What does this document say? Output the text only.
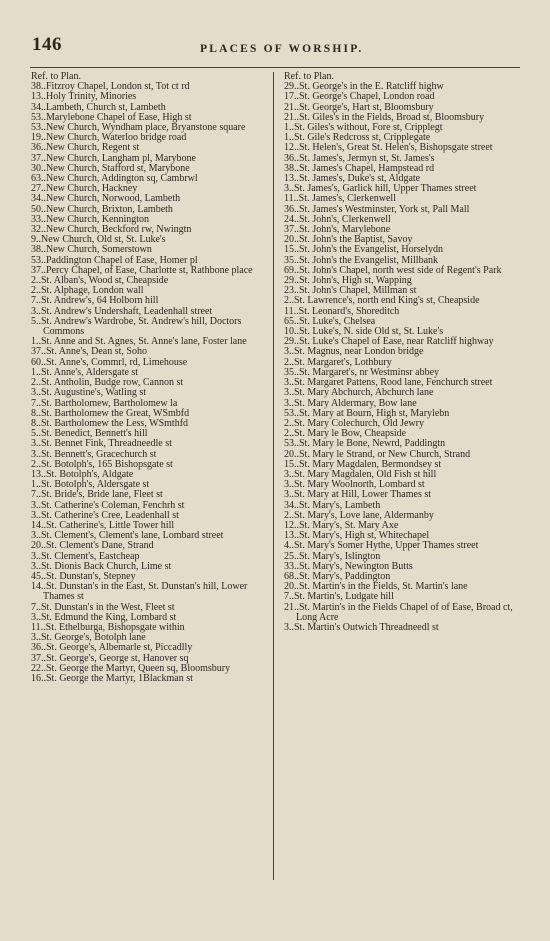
146	PLACES OF WORSHIP.
Ref. to Plan.
38..Fitzroy Chapel, London st, Tot ct rd
13..Holy Trinity, Minories
34..Lambeth, Church st, Lambeth
53..Marylebone Chapel of Ease, High st
53..New Church, Wyndham place, Bryanstone square
19..New Church, Waterloo bridge road
36..New Church, Regent st
37..New Church, Langham pl, Marybone
30..New Church, Stafford st, Marybone
63..New Church, Addington sq, Cambrwl
27..New Church, Hackney
34..New Church, Norwood, Lambeth
50..New Church, Brixton, Lambeth
33..New Church, Kennington
32..New Church, Beckford rw, Nwingtn
9..New Church, Old st, St. Luke's
38..New Church, Somerstown
53..Paddington Chapel of Ease, Homer pl
37..Percy Chapel, of Ease, Charlotte st, Rathbone place
2..St. Alban's, Wood st, Cheapside
2..St. Alphage, London wall
7..St. Andrew's, 64 Holborn hill
3..St. Andrew's Undershaft, Leadenhall street
5..St. Andrew's Wardrobe, St. Andrew's hill, Doctors Commons
1..St. Anne and St. Agnes, St. Anne's lane, Foster lane
37..St. Anne's, Dean st, Soho
60..St. Anne's, Commrl, rd, Limehouse
1..St. Anne's, Aldersgate st
2..St. Antholin, Budge row, Cannon st
3..St. Augustine's, Watling st
7..St. Bartholomew, Bartholomew la
8..St. Bartholomew the Great, WSmbfd
8..St. Bartholomew the Less, WSmthfd
5..St. Benedict, Bennett's hill
3..St. Bennet Fink, Threadneedle st
3..St. Bennett's, Gracechurch st
2..St. Botolph's, 165 Bishopsgate st
13..St. Botolph's, Aldgate
1..St. Botolph's, Aldersgate st
7..St. Bride's, Bride lane, Fleet st
3..St. Catherine's Coleman, Fenchrh st
3..St. Catherine's Cree, Leadenhall st
14..St. Catherine's, Little Tower hill
3..St. Clement's, Clement's lane, Lombard street
20..St. Clement's Dane, Strand
3..St. Clement's, Eastcheap
3..St. Dionis Back Church, Lime st
45..St. Dunstan's, Stepney
14..St. Dunstan's in the East, St. Dunstan's hill, Lower Thames st
7..St. Dunstan's in the West, Fleet st
3..St. Edmund the King, Lombard st
11..St. Ethelburga, Bishopsgate within
3..St. George's, Botolph lane
36..St. George's, Albemarle st, Piccadlly
37..St. George's, George st, Hanover sq
22..St. George the Martyr, Queen sq, Bloomsbury
16..St. George the Martyr, 1Blackman st
Ref. to Plan.
29..St. George's in the E. Ratcliff highw
17..St. George's Chapel, London road
21..St. George's, Hart st, Bloomsbury
21..St. Giles's in the Fields, Broad st, Bloomsbury
1..St. Giles's without, Fore st, Cripplegt
1..St. Gile's Redcross st, Cripplegate
12..St. Helen's, Great St. Helen's, Bishopsgate street
36..St. James's, Jermyn st, St. James's
38..St. James's Chapel, Hampstead rd
13..St. James's, Duke's st, Aldgate
3..St. James's, Garlick hill, Upper Thames street
11..St. James's, Clerkenwell
36..St. James's Westminster, York st, Pall Mall
24..St. John's, Clerkenwell
37..St. John's, Marylebone
20..St. John's the Baptist, Savoy
15..St. John's the Evangelist, Horselydn
35..St. John's the Evangelist, Millbank
69..St. John's Chapel, north west side of Regent's Park
29..St. John's, High st, Wapping
23..St. John's Chapel, Millman st
2..St. Lawrence's, north end King's st, Cheapside
11..St. Leonard's, Shoreditch
65..St. Luke's, Chelsea
10..St. Luke's, N. side Old st, St. Luke's
29..St. Luke's Chapel of Ease, near Ratcliff highway
3..St. Magnus, near London bridge
2..St. Margaret's, Lothbury
35..St. Margaret's, nr Westminsr abbey
3..St. Margaret Pattens, Rood lane, Fenchurch street
3..St. Mary Abchurch, Abchurch lane
3..St. Mary Aldermary, Bow lane
53..St. Mary at Bourn, High st, Marylebn
2..St. Mary Colechurch, Old Jewry
2..St. Mary le Bow, Cheapside
53..St. Mary le Bone, Newrd, Paddingtn
20..St. Mary le Strand, or New Church, Strand
15..St. Mary Magdalen, Bermondsey st
3..St. Mary Magdalen, Old Fish st hill
3..St. Mary Woolnorth, Lombard st
3..St. Mary at Hill, Lower Thames st
34..St. Mary's, Lambeth
2..St. Mary's, Love lane, Aldermanby
12..St. Mary's, St. Mary Axe
13..St. Mary's, High st, Whitechapel
4..St. Mary's Somer Hythe, Upper Thames street
25..St. Mary's, Islington
33..St. Mary's, Newington Butts
68..St. Mary's, Paddington
20..St. Martin's in the Fields, St. Martin's lane
7..St. Martin's, Ludgate hill
21..St. Martin's in the Fields Chapel of of Ease, Broad ct, Long Acre
3..St. Martin's Outwich Threadneedl st
